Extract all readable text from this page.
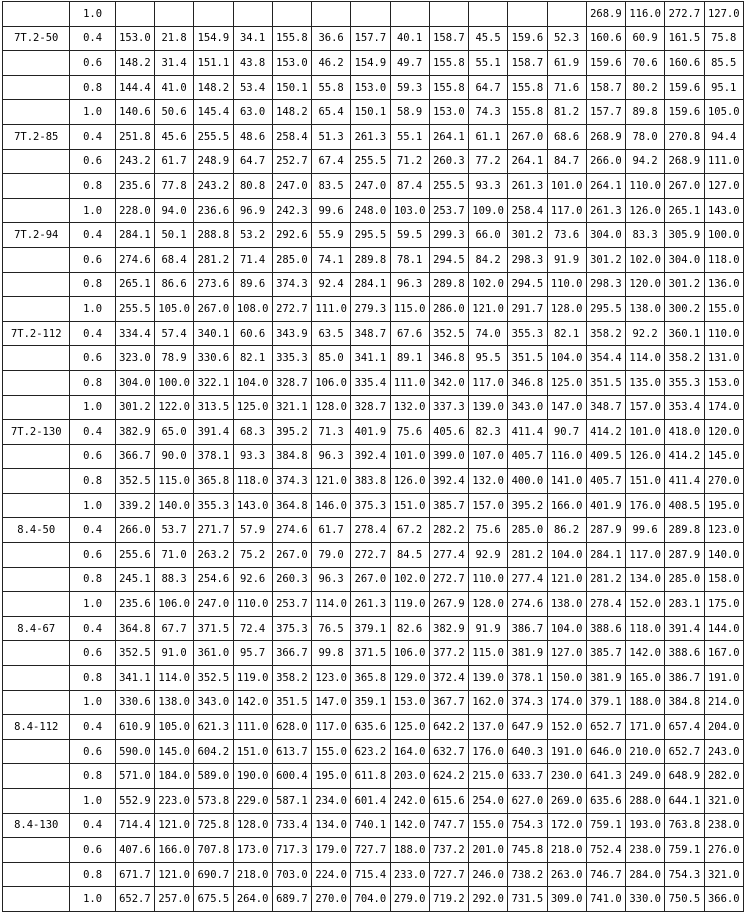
	1.0													268.9	116.0	272.7	127.0
7T.2-50	0.4	153.0	21.8	154.9	34.1	155.8	36.6	157.7	40.1	158.7	45.5	159.6	52.3	160.6	60.9	161.5	75.8
	0.6	148.2	31.4	151.1	43.8	153.0	46.2	154.9	49.7	155.8	55.1	158.7	61.9	159.6	70.6	160.6	85.5
	0.8	144.4	41.0	148.2	53.4	150.1	55.8	153.0	59.3	155.8	64.7	155.8	71.6	158.7	80.2	159.6	95.1
	1.0	140.6	50.6	145.4	63.0	148.2	65.4	150.1	58.9	153.0	74.3	155.8	81.2	157.7	89.8	159.6	105.0
7T.2-85	0.4	251.8	45.6	255.5	48.6	258.4	51.3	261.3	55.1	264.1	61.1	267.0	68.6	268.9	78.0	270.8	94.4
	0.6	243.2	61.7	248.9	64.7	252.7	67.4	255.5	71.2	260.3	77.2	264.1	84.7	266.0	94.2	268.9	111.0
	0.8	235.6	77.8	243.2	80.8	247.0	83.5	247.0	87.4	255.5	93.3	261.3	101.0	264.1	110.0	267.0	127.0
	1.0	228.0	94.0	236.6	96.9	242.3	99.6	248.0	103.0	253.7	109.0	258.4	117.0	261.3	126.0	265.1	143.0
7T.2-94	0.4	284.1	50.1	288.8	53.2	292.6	55.9	295.5	59.5	299.3	66.0	301.2	73.6	304.0	83.3	305.9	100.0
	0.6	274.6	68.4	281.2	71.4	285.0	74.1	289.8	78.1	294.5	84.2	298.3	91.9	301.2	102.0	304.0	118.0
	0.8	265.1	86.6	273.6	89.6	374.3	92.4	284.1	96.3	289.8	102.0	294.5	110.0	298.3	120.0	301.2	136.0
	1.0	255.5	105.0	267.0	108.0	272.7	111.0	279.3	115.0	286.0	121.0	291.7	128.0	295.5	138.0	300.2	155.0
7T.2-112	0.4	334.4	57.4	340.1	60.6	343.9	63.5	348.7	67.6	352.5	74.0	355.3	82.1	358.2	92.2	360.1	110.0
	0.6	323.0	78.9	330.6	82.1	335.3	85.0	341.1	89.1	346.8	95.5	351.5	104.0	354.4	114.0	358.2	131.0
	0.8	304.0	100.0	322.1	104.0	328.7	106.0	335.4	111.0	342.0	117.0	346.8	125.0	351.5	135.0	355.3	153.0
	1.0	301.2	122.0	313.5	125.0	321.1	128.0	328.7	132.0	337.3	139.0	343.0	147.0	348.7	157.0	353.4	174.0
7T.2-130	0.4	382.9	65.0	391.4	68.3	395.2	71.3	401.9	75.6	405.6	82.3	411.4	90.7	414.2	101.0	418.0	120.0
	0.6	366.7	90.0	378.1	93.3	384.8	96.3	392.4	101.0	399.0	107.0	405.7	116.0	409.5	126.0	414.2	145.0
	0.8	352.5	115.0	365.8	118.0	374.3	121.0	383.8	126.0	392.4	132.0	400.0	141.0	405.7	151.0	411.4	270.0
	1.0	339.2	140.0	355.3	143.0	364.8	146.0	375.3	151.0	385.7	157.0	395.2	166.0	401.9	176.0	408.5	195.0
8.4-50	0.4	266.0	53.7	271.7	57.9	274.6	61.7	278.4	67.2	282.2	75.6	285.0	86.2	287.9	99.6	289.8	123.0
	0.6	255.6	71.0	263.2	75.2	267.0	79.0	272.7	84.5	277.4	92.9	281.2	104.0	284.1	117.0	287.9	140.0
	0.8	245.1	88.3	254.6	92.6	260.3	96.3	267.0	102.0	272.7	110.0	277.4	121.0	281.2	134.0	285.0	158.0
	1.0	235.6	106.0	247.0	110.0	253.7	114.0	261.3	119.0	267.9	128.0	274.6	138.0	278.4	152.0	283.1	175.0
8.4-67	0.4	364.8	67.7	371.5	72.4	375.3	76.5	379.1	82.6	382.9	91.9	386.7	104.0	388.6	118.0	391.4	144.0
	0.6	352.5	91.0	361.0	95.7	366.7	99.8	371.5	106.0	377.2	115.0	381.9	127.0	385.7	142.0	388.6	167.0
	0.8	341.1	114.0	352.5	119.0	358.2	123.0	365.8	129.0	372.4	139.0	378.1	150.0	381.9	165.0	386.7	191.0
	1.0	330.6	138.0	343.0	142.0	351.5	147.0	359.1	153.0	367.7	162.0	374.3	174.0	379.1	188.0	384.8	214.0
8.4-112	0.4	610.9	105.0	621.3	111.0	628.0	117.0	635.6	125.0	642.2	137.0	647.9	152.0	652.7	171.0	657.4	204.0
	0.6	590.0	145.0	604.2	151.0	613.7	155.0	623.2	164.0	632.7	176.0	640.3	191.0	646.0	210.0	652.7	243.0
	0.8	571.0	184.0	589.0	190.0	600.4	195.0	611.8	203.0	624.2	215.0	633.7	230.0	641.3	249.0	648.9	282.0
	1.0	552.9	223.0	573.8	229.0	587.1	234.0	601.4	242.0	615.6	254.0	627.0	269.0	635.6	288.0	644.1	321.0
8.4-130	0.4	714.4	121.0	725.8	128.0	733.4	134.0	740.1	142.0	747.7	155.0	754.3	172.0	759.1	193.0	763.8	238.0
	0.6	407.6	166.0	707.8	173.0	717.3	179.0	727.7	188.0	737.2	201.0	745.8	218.0	752.4	238.0	759.1	276.0
	0.8	671.7	121.0	690.7	218.0	703.0	224.0	715.4	233.0	727.7	246.0	738.2	263.0	746.7	284.0	754.3	321.0
	1.0	652.7	257.0	675.5	264.0	689.7	270.0	704.0	279.0	719.2	292.0	731.5	309.0	741.0	330.0	750.5	366.0
